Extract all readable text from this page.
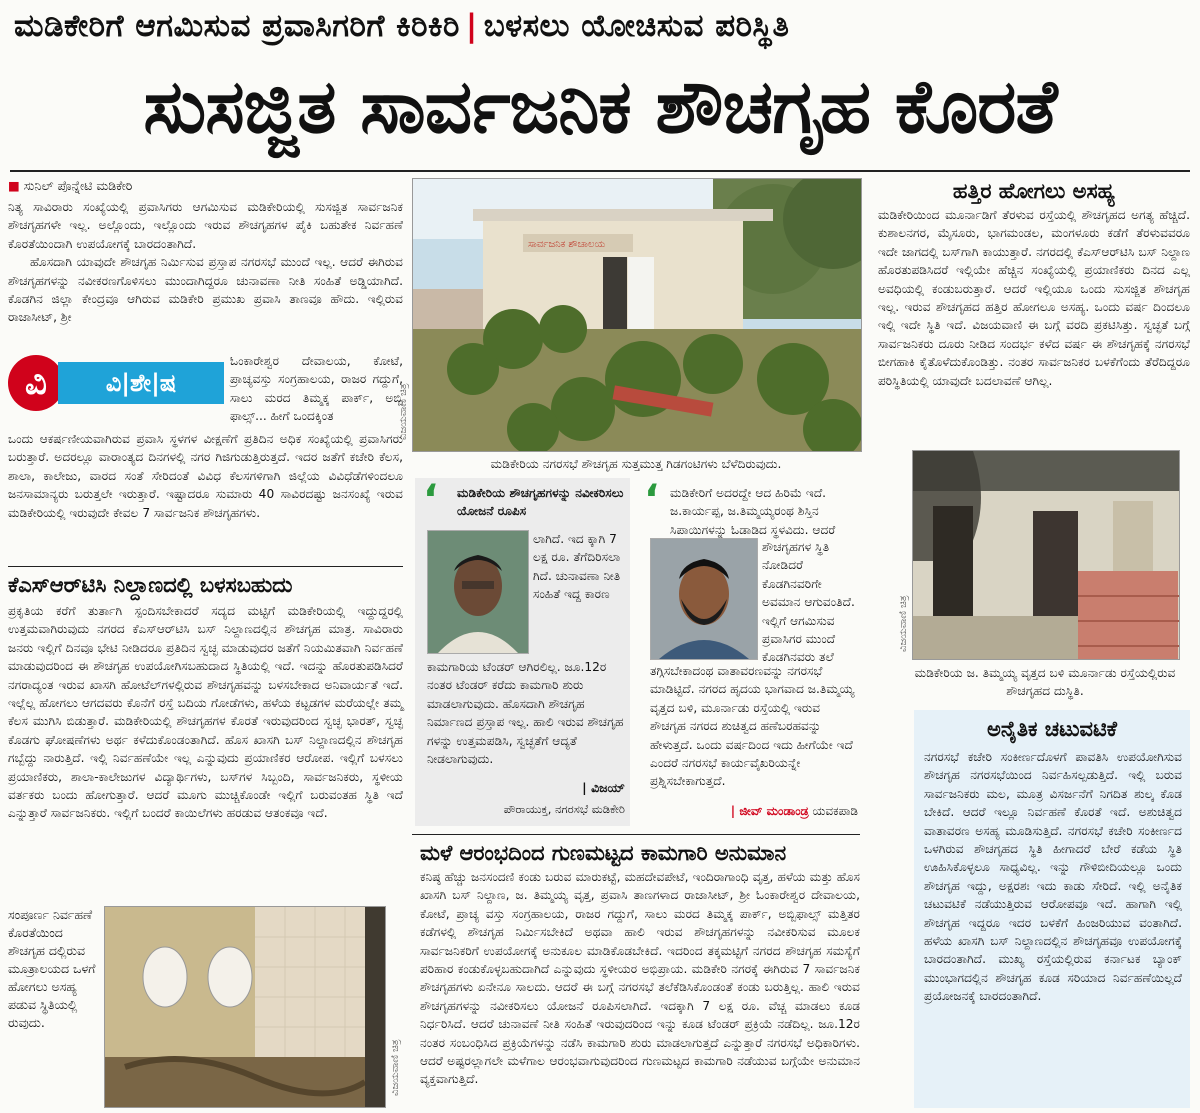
ಮಡಿಕೇರಿಗೆ ಆಗಮಿಸುವ ಪ್ರವಾಸಿಗರಿಗೆ ಕಿರಿಕಿರಿ | ಬಳಸಲು ಯೋಚಿಸುವ ಪರಿಸ್ಥಿತಿ
ಸುಸಜ್ಜಿತ ಸಾರ್ವಜನಿಕ ಶೌಚಗೃಹ ಕೊರತೆ
■ ಸುನಿಲ್ ಪೊನ್ನೇಟಿ ಮಡಿಕೇರಿ

ನಿತ್ಯ ಸಾವಿರಾರು ಸಂಖ್ಯೆಯಲ್ಲಿ ಪ್ರವಾಸಿಗರು ಆಗಮಿಸುವ ಮಡಿಕೇರಿಯಲ್ಲಿ ಸುಸಜ್ಜಿತ ಸಾರ್ವಜನಿಕ ಶೌಚಗೃಹಗಳೇ ಇಲ್ಲ. ಅಲ್ಲೊಂದು, ಇಲ್ಲೊಂದು ಇರುವ ಶೌಚಗೃಹಗಳ ಪೈಕಿ ಬಹುತೇಕ ನಿರ್ವಹಣೆ ಕೊರತೆಯಿಂದಾಗಿ ಉಪಯೋಗಕ್ಕೆ ಬಾರದಂತಾಗಿದೆ.

ಹೊಸದಾಗಿ ಯಾವುದೇ ಶೌಚಗೃಹ ನಿರ್ಮಿಸುವ ಪ್ರಸ್ತಾಪ ನಗರಸಭೆ ಮುಂದೆ ಇಲ್ಲ. ಆದರೆ ಈಗಿರುವ ಶೌಚಗೃಹಗಳನ್ನು ನವೀಕರಣಗೊಳಿಸಲು ಮುಂದಾಗಿದ್ದರೂ ಚುನಾವಣಾ ನೀತಿ ಸಂಹಿತೆ ಅಡ್ಡಿಯಾಗಿದೆ. ಕೊಡಗಿನ ಜಿಲ್ಲಾ ಕೇಂದ್ರವೂ ಆಗಿರುವ ಮಡಿಕೇರಿ ಪ್ರಮುಖ ಪ್ರವಾಸಿ ತಾಣವೂ ಹೌದು. ಇಲ್ಲಿರುವ ರಾಜಾಸೀಟ್, ಶ್ರೀ

ವಿ	ವಿ|ಶೇ|ಷ
ಓಂಕಾರೇಶ್ವರ ದೇವಾಲಯ, ಕೋಟೆ, ಪ್ರಾಚ್ಯವಸ್ತು ಸಂಗ್ರಹಾಲಯ, ರಾಜರ ಗದ್ದುಗೆ, ಸಾಲು ಮರದ ತಿಮ್ಮಕ್ಕ ಪಾರ್ಕ್, ಅಬ್ಬಿ ಫಾಲ್ಸ್... ಹೀಗೆ ಒಂದಕ್ಕಿಂತ
ಒಂದು ಆಕರ್ಷಣೀಯವಾಗಿರುವ ಪ್ರವಾಸಿ ಸ್ಥಳಗಳ ವೀಕ್ಷಣೆಗೆ ಪ್ರತಿದಿನ ಅಧಿಕ ಸಂಖ್ಯೆಯಲ್ಲಿ ಪ್ರವಾಸಿಗರು ಬರುತ್ತಾರೆ. ಅದರಲ್ಲೂ ವಾರಾಂತ್ಯದ ದಿನಗಳಲ್ಲಿ ನಗರ ಗಿಜಿಗುಡುತ್ತಿರುತ್ತದೆ. ಇದರ ಜತೆಗೆ ಕಚೇರಿ ಕೆಲಸ, ಶಾಲಾ, ಕಾಲೇಜು, ವಾರದ ಸಂತೆ ಸೇರಿದಂತೆ ವಿವಿಧ ಕೆಲಸಗಳಿಗಾಗಿ ಜಿಲ್ಲೆಯ ವಿವಿಧೆಡೆಗಳಿಂದಲೂ ಜನಸಾಮಾನ್ಯರು ಬರುತ್ತಲೇ ಇರುತ್ತಾರೆ. ಇಷ್ಟಾದರೂ ಸುಮಾರು 40 ಸಾವಿರದಷ್ಟು ಜನಸಂಖ್ಯೆ ಇರುವ ಮಡಿಕೇರಿಯಲ್ಲಿ ಇರುವುದೇ ಕೇವಲ 7 ಸಾರ್ವಜನಿಕ ಶೌಚಗೃಹಗಳು.
ಕೆಎಸ್‌ಆರ್‌ಟಿಸಿ ನಿಲ್ದಾಣದಲ್ಲಿ ಬಳಸಬಹುದು
ಪ್ರಕೃತಿಯ ಕರೆಗೆ ತುರ್ತಾಗಿ ಸ್ಪಂದಿಸಬೇಕಾದರೆ ಸದ್ಯದ ಮಟ್ಟಿಗೆ ಮಡಿಕೇರಿಯಲ್ಲಿ ಇದ್ದುದ್ದರಲ್ಲಿ ಉತ್ತಮವಾಗಿರುವುದು ನಗರದ ಕೆಎಸ್‌ಆರ್‌ಟಿಸಿ ಬಸ್ ನಿಲ್ದಾಣದಲ್ಲಿನ ಶೌಚಗೃಹ ಮಾತ್ರ. ಸಾವಿರಾರು ಜನರು ಇಲ್ಲಿಗೆ ದಿನವೂ ಭೇಟಿ ನೀಡಿದರೂ ಪ್ರತಿದಿನ ಸ್ವಚ್ಛ ಮಾಡುವುದರ ಜತೆಗೆ ನಿಯಮಿತವಾಗಿ ನಿರ್ವಹಣೆ ಮಾಡುವುದರಿಂದ ಈ ಶೌಚಗೃಹ ಉಪಯೋಗಿಸಬಹುದಾದ ಸ್ಥಿತಿಯಲ್ಲಿ ಇದೆ. ಇದನ್ನು ಹೊರತುಪಡಿಸಿದರೆ ನಗರಾದ್ಯಂತ ಇರುವ ಖಾಸಗಿ ಹೋಟೆಲ್‌ಗಳಲ್ಲಿರುವ ಶೌಚಗೃಹವನ್ನು ಬಳಸಬೇಕಾದ ಅನಿವಾರ್ಯತೆ ಇದೆ. ಇಲ್ಲೆಲ್ಲ ಹೋಗಲು ಆಗದವರು ಕೊನೆಗೆ ರಸ್ತೆ ಬದಿಯ ಗೋಡೆಗಳು, ಹಳೆಯ ಕಟ್ಟಡಗಳ ಮರೆಯಲ್ಲೇ ತಮ್ಮ ಕೆಲಸ ಮುಗಿಸಿ ಬಿಡುತ್ತಾರೆ. ಮಡಿಕೇರಿಯಲ್ಲಿ ಶೌಚಗೃಹಗಳ ಕೊರತೆ ಇರುವುದರಿಂದ ಸ್ವಚ್ಛ ಭಾರತ್, ಸ್ವಚ್ಛ ಕೊಡಗು ಘೋಷಣೆಗಳು ಅರ್ಥ ಕಳೆದುಕೊಂಡಂತಾಗಿದೆ. ಹೊಸ ಖಾಸಗಿ ಬಸ್ ನಿಲ್ದಾಣದಲ್ಲಿನ ಶೌಚಗೃಹ ಗಬ್ಬೆದ್ದು ನಾರುತ್ತಿದೆ. ಇಲ್ಲಿ ನಿರ್ವಹಣೆಯೇ ಇಲ್ಲ ಎನ್ನುವುದು ಪ್ರಯಾಣಿಕರ ಆರೋಪ. ಇಲ್ಲಿಗೆ ಬಳಸಲು ಪ್ರಯಾಣಿಕರು, ಶಾಲಾ-ಕಾಲೇಜುಗಳ ವಿದ್ಯಾರ್ಥಿಗಳು, ಬಸ್‌ಗಳ ಸಿಬ್ಬಂದಿ, ಸಾರ್ವಜನಿಕರು, ಸ್ಥಳೀಯ ವರ್ತಕರು ಬಂದು ಹೋಗುತ್ತಾರೆ. ಆದರೆ ಮೂಗು ಮುಚ್ಚಿಕೊಂಡೇ ಇಲ್ಲಿಗೆ ಬರುವಂತಹ ಸ್ಥಿತಿ ಇದೆ ಎನ್ನುತ್ತಾರೆ ಸಾರ್ವಜನಿಕರು. ಇಲ್ಲಿಗೆ ಬಂದರೆ ಕಾಯಿಲೆಗಳು ಹರಡುವ ಆತಂಕವೂ ಇದೆ.
ಸಂಪೂರ್ಣ ನಿರ್ವಹಣೆ ಕೊರತೆಯಿಂದ ಶೌಚಗೃಹ ದಲ್ಲಿರುವ ಮೂತ್ರಾಲಯದ ಒಳಗೆ ಹೋಗಲು ಅಸಹ್ಯ ಪಡುವ ಸ್ಥಿತಿಯಲ್ಲಿ ರುವುದು.
ವಿಜಯವಾಣಿ ಚಿತ್ರ
ವಿಜಯವಾಣಿ ಚಿತ್ರ
ಸಾರ್ವಜನಿಕ ಶೌಚಾಲಯ
ಮಡಿಕೇರಿಯ ನಗರಸಭೆ ಶೌಚಗೃಹ ಸುತ್ತಮುತ್ತ ಗಿಡಗಂಟಿಗಳು ಬೆಳೆದಿರುವುದು.
‘ ಮಡಿಕೇರಿಯ ಶೌಚಗೃಹಗಳನ್ನು ನವೀಕರಿಸಲು ಯೋಜನೆ ರೂಪಿಸ
ಲಾಗಿದೆ. ಇದ ಕ್ಕಾಗಿ 7 ಲಕ್ಷ ರೂ. ತೆಗೆದಿರಿಸಲಾ ಗಿದೆ. ಚುನಾವಣಾ ನೀತಿ ಸಂಹಿತೆ ಇದ್ದ ಕಾರಣ
ಕಾಮಗಾರಿಯ ಟೆಂಡರ್ ಆಗಿರಲಿಲ್ಲ. ಜೂ.12ರ ನಂತರ ಟೆಂಡರ್ ಕರೆದು ಕಾಮಗಾರಿ ಶುರು ಮಾಡಲಾಗುವುದು. ಹೊಸದಾಗಿ ಶೌಚಗೃಹ ನಿರ್ಮಾಣದ ಪ್ರಸ್ತಾಪ ಇಲ್ಲ. ಹಾಲಿ ಇರುವ ಶೌಚಗೃಹ ಗಳನ್ನು ಉತ್ತಮಪಡಿಸಿ, ಸ್ವಚ್ಛತೆಗೆ ಆದ್ಯತೆ ನೀಡಲಾಗುವುದು.
| ವಿಜಯ್
ಪೌರಾಯುಕ್ತ, ನಗರಸಭೆ ಮಡಿಕೇರಿ
‘ ಮಡಿಕೇರಿಗೆ ಅದರದ್ದೇ ಆದ ಹಿರಿಮೆ ಇದೆ. ಜ.ಕಾರ್ಯಪ್ಪ, ಜ.ತಿಮ್ಮಯ್ಯರಂಥ ಶಿಸ್ತಿನ ಸಿಪಾಯಿಗಳನ್ನು ಓಡಾಡಿದ ಸ್ಥಳವಿದು. ಆದರೆ
ಶೌಚಗೃಹಗಳ ಸ್ಥಿತಿ ನೋಡಿದರೆ ಕೊಡಗಿನವರಿಗೇ ಅವಮಾನ ಆಗುವಂತಿದೆ. ಇಲ್ಲಿಗೆ ಆಗಮಿಸುವ ಪ್ರವಾಸಿಗರ ಮುಂದೆ ಕೊಡಗಿನವರು ತಲೆ
ತಗ್ಗಿಸಬೇಕಾದಂಥ ವಾತಾವರಣವನ್ನು ನಗರಸಭೆ ಮಾಡಿಟ್ಟಿದೆ. ನಗರದ ಹೃದಯ ಭಾಗವಾದ ಜ.ತಿಮ್ಮಯ್ಯ ವೃತ್ತದ ಬಳಿ, ಮೂರ್ನಾಡು ರಸ್ತೆಯಲ್ಲಿ ಇರುವ ಶೌಚಗೃಹ ನಗರದ ಶುಚಿತ್ವದ ಹಣೆಬರಹವನ್ನು ಹೇಳುತ್ತದೆ. ಒಂದು ವರ್ಷದಿಂದ ಇದು ಹೀಗೆಯೇ ಇದೆ ಎಂದರೆ ನಗರಸಭೆ ಕಾರ್ಯವೈಖರಿಯನ್ನೇ ಪ್ರಶ್ನಿಸಬೇಕಾಗುತ್ತದೆ.
| ಜೀವ್ ಮಂಡಾಂಡ್ರ ಯವಕಪಾಡಿ
ಮಳೆ ಆರಂಭದಿಂದ ಗುಣಮಟ್ಟದ ಕಾಮಗಾರಿ ಅನುಮಾನ
ಕನಿಷ್ಠ ಹೆಚ್ಚು ಜನಸಂದಣಿ ಕಂಡು ಬರುವ ಮಾರುಕಟ್ಟೆ, ಮಹದೇವಪೇಟೆ, ಇಂದಿರಾಗಾಂಧಿ ವೃತ್ತ, ಹಳೆಯ ಮತ್ತು ಹೊಸ ಖಾಸಗಿ ಬಸ್ ನಿಲ್ದಾಣ, ಜ. ತಿಮ್ಮಯ್ಯ ವೃತ್ತ, ಪ್ರವಾಸಿ ತಾಣಗಳಾದ ರಾಜಾಸೀಟ್, ಶ್ರೀ ಓಂಕಾರೇಶ್ವರ ದೇವಾಲಯ, ಕೋಟೆ, ಪ್ರಾಚ್ಯ ವಸ್ತು ಸಂಗ್ರಹಾಲಯ, ರಾಜರ ಗದ್ದುಗೆ, ಸಾಲು ಮರದ ತಿಮ್ಮಕ್ಕ ಪಾರ್ಕ್, ಅಬ್ಬಿಫಾಲ್ಸ್ ಮತ್ತಿತರ ಕಡೆಗಳಲ್ಲಿ ಶೌಚಗೃಹ ನಿರ್ಮಿಸಬೇಕಿದೆ ಅಥವಾ ಹಾಲಿ ಇರುವ ಶೌಚಗೃಹಗಳನ್ನು ನವೀಕರಿಸುವ ಮೂಲಕ ಸಾರ್ವಜನಿಕರಿಗೆ ಉಪಯೋಗಕ್ಕೆ ಅನುಕೂಲ ಮಾಡಿಕೊಡಬೇಕಿದೆ. ಇದರಿಂದ ತಕ್ಕಮಟ್ಟಿಗೆ ನಗರದ ಶೌಚಗೃಹ ಸಮಸ್ಯೆಗೆ ಪರಿಹಾರ ಕಂಡುಕೊಳ್ಳಬಹುದಾಗಿದೆ ಎನ್ನುವುದು ಸ್ಥಳೀಯರ ಅಭಿಪ್ರಾಯ. ಮಡಿಕೇರಿ ನಗರಕ್ಕೆ ಈಗಿರುವ 7 ಸಾರ್ವಜನಿಕ ಶೌಚಗೃಹಗಳು ಏನೇನೂ ಸಾಲದು. ಆದರೆ ಈ ಬಗ್ಗೆ ನಗರಸಭೆ ತಲೆಕೆಡಿಸಿಕೊಂಡಂತೆ ಕಂಡು ಬರುತ್ತಿಲ್ಲ. ಹಾಲಿ ಇರುವ ಶೌಚಗೃಹಗಳನ್ನು ನವೀಕರಿಸಲು ಯೋಜನೆ ರೂಪಿಸಲಾಗಿದೆ. ಇದಕ್ಕಾಗಿ 7 ಲಕ್ಷ ರೂ. ವೆಚ್ಚ ಮಾಡಲು ಕೂಡ ನಿರ್ಧರಿಸಿದೆ. ಆದರೆ ಚುನಾವಣೆ ನೀತಿ ಸಂಹಿತೆ ಇರುವುದರಿಂದ ಇನ್ನು ಕೂಡ ಟೆಂಡರ್ ಪ್ರಕ್ರಿಯೆ ನಡೆದಿಲ್ಲ. ಜೂ.12ರ ನಂತರ ಸಂಬಂಧಿಸಿದ ಪ್ರಕ್ರಿಯೆಗಳನ್ನು ನಡೆಸಿ ಕಾಮಗಾರಿ ಶುರು ಮಾಡಲಾಗುತ್ತದೆ ಎನ್ನುತ್ತಾರೆ ನಗರಸಭೆ ಅಧಿಕಾರಿಗಳು. ಆದರೆ ಅಷ್ಟರಲ್ಲಾಗಲೇ ಮಳೆಗಾಲ ಆರಂಭವಾಗುವುದರಿಂದ ಗುಣಮಟ್ಟದ ಕಾಮಗಾರಿ ನಡೆಯುವ ಬಗ್ಗೆಯೇ ಅನುಮಾನ ವ್ಯಕ್ತವಾಗುತ್ತಿದೆ.
ಹತ್ತಿರ ಹೋಗಲು ಅಸಹ್ಯ
ಮಡಿಕೇರಿಯಿಂದ ಮೂರ್ನಾಡಿಗೆ ತೆರಳುವ ರಸ್ತೆಯಲ್ಲಿ ಶೌಚಗೃಹದ ಅಗತ್ಯ ಹೆಚ್ಚಿದೆ. ಕುಶಾಲನಗರ, ಮೈಸೂರು, ಭಾಗಮಂಡಲ, ಮಂಗಳೂರು ಕಡೆಗೆ ತೆರಳುವವರೂ ಇದೇ ಜಾಗದಲ್ಲಿ ಬಸ್‌ಗಾಗಿ ಕಾಯುತ್ತಾರೆ. ನಗರದಲ್ಲಿ ಕೆಎಸ್‌ಆರ್‌ಟಿಸಿ ಬಸ್ ನಿಲ್ದಾಣ ಹೊರತುಪಡಿಸಿದರೆ ಇಲ್ಲಿಯೇ ಹೆಚ್ಚಿನ ಸಂಖ್ಯೆಯಲ್ಲಿ ಪ್ರಯಾಣಿಕರು ದಿನದ ಎಲ್ಲ ಅವಧಿಯಲ್ಲಿ ಕಂಡುಬರುತ್ತಾರೆ. ಆದರೆ ಇಲ್ಲಿಯೂ ಒಂದು ಸುಸಜ್ಜಿತ ಶೌಚಗೃಹ ಇಲ್ಲ. ಇರುವ ಶೌಚಗೃಹದ ಹತ್ತಿರ ಹೋಗಲೂ ಅಸಹ್ಯ. ಒಂದು ವರ್ಷ ದಿಂದಲೂ ಇಲ್ಲಿ ಇದೇ ಸ್ಥಿತಿ ಇದೆ. ವಿಜಯವಾಣಿ ಈ ಬಗ್ಗೆ ವರದಿ ಪ್ರಕಟಿಸಿತ್ತು. ಸ್ವಚ್ಛತೆ ಬಗ್ಗೆ ಸಾರ್ವಜನಿಕರು ದೂರು ನೀಡಿದ ಸಂದರ್ಭ ಕಳೆದ ವರ್ಷ ಈ ಶೌಚಗೃಹಕ್ಕೆ ನಗರಸಭೆ ಬೀಗಹಾಕಿ ಕೈತೊಳೆದುಕೊಂಡಿತ್ತು. ನಂತರ ಸಾರ್ವಜನಿಕರ ಬಳಕೆಗೆಂದು ತೆರೆದಿದ್ದರೂ ಪರಿಸ್ಥಿತಿಯಲ್ಲಿ ಯಾವುದೇ ಬದಲಾವಣೆ ಆಗಿಲ್ಲ.
ವಿಜಯವಾಣಿ ಚಿತ್ರ
ಮಡಿಕೇರಿಯ ಜ. ತಿಮ್ಮಯ್ಯ ವೃತ್ತದ ಬಳಿ ಮೂರ್ನಾಡು ರಸ್ತೆಯಲ್ಲಿರುವ ಶೌಚಗೃಹದ ದುಸ್ಥಿತಿ.
ಅನೈತಿಕ ಚಟುವಟಿಕೆ
ನಗರಸಭೆ ಕಚೇರಿ ಸಂಕೀರ್ಣದೊಳಗೆ ಪಾವತಿಸಿ ಉಪಯೋಗಿಸುವ ಶೌಚಗೃಹ ನಗರಸಭೆಯಿಂದ ನಿರ್ವಹಿಸಲ್ಪಡುತ್ತಿದೆ. ಇಲ್ಲಿ ಬರುವ ಸಾರ್ವಜನಿಕರು ಮಲ, ಮೂತ್ರ ವಿಸರ್ಜನೆಗೆ ನಿಗದಿತ ಶುಲ್ಕ ಕೊಡ ಬೇಕಿದೆ. ಆದರೆ ಇಲ್ಲೂ ನಿರ್ವಹಣೆ ಕೊರತೆ ಇದೆ. ಅಶುಚಿತ್ವದ ವಾತಾವರಣ ಅಸಹ್ಯ ಮೂಡಿಸುತ್ತಿದೆ. ನಗರಸಭೆ ಕಚೇರಿ ಸಂಕೀರ್ಣದ ಒಳಗಿರುವ ಶೌಚಗೃಹದ ಸ್ಥಿತಿ ಹೀಗಾದರೆ ಬೇರೆ ಕಡೆಯ ಸ್ಥಿತಿ ಊಹಿಸಿಕೊಳ್ಳಲೂ ಸಾಧ್ಯವಿಲ್ಲ. ಇನ್ನು ಗೌಳಿಬೀದಿಯಲ್ಲೂ ಒಂದು ಶೌಚಗೃಹ ಇದ್ದು, ಅಕ್ಷರಶಃ ಇದು ಕಾಡು ಸೇರಿದೆ. ಇಲ್ಲಿ ಅನೈತಿಕ ಚಟುವಟಿಕೆ ನಡೆಯುತ್ತಿರುವ ಆರೋಪವೂ ಇದೆ. ಹಾಗಾಗಿ ಇಲ್ಲಿ ಶೌಚಗೃಹ ಇದ್ದರೂ ಇದರ ಬಳಕೆಗೆ ಹಿಂಜರಿಯುವ ವಂತಾಗಿದೆ. ಹಳೆಯ ಖಾಸಗಿ ಬಸ್ ನಿಲ್ದಾಣದಲ್ಲಿನ ಶೌಚಗೃಹವೂ ಉಪಯೋಗಕ್ಕೆ ಬಾರದಂತಾಗಿದೆ. ಮುಖ್ಯ ರಸ್ತೆಯಲ್ಲಿರುವ ಕರ್ನಾಟಕ ಬ್ಯಾಂಕ್ ಮುಂಭಾಗದಲ್ಲಿನ ಶೌಚಗೃಹ ಕೂಡ ಸರಿಯಾದ ನಿರ್ವಹಣೆಯಿಲ್ಲದೆ ಪ್ರಯೋಜನಕ್ಕೆ ಬಾರದಂತಾಗಿದೆ.
